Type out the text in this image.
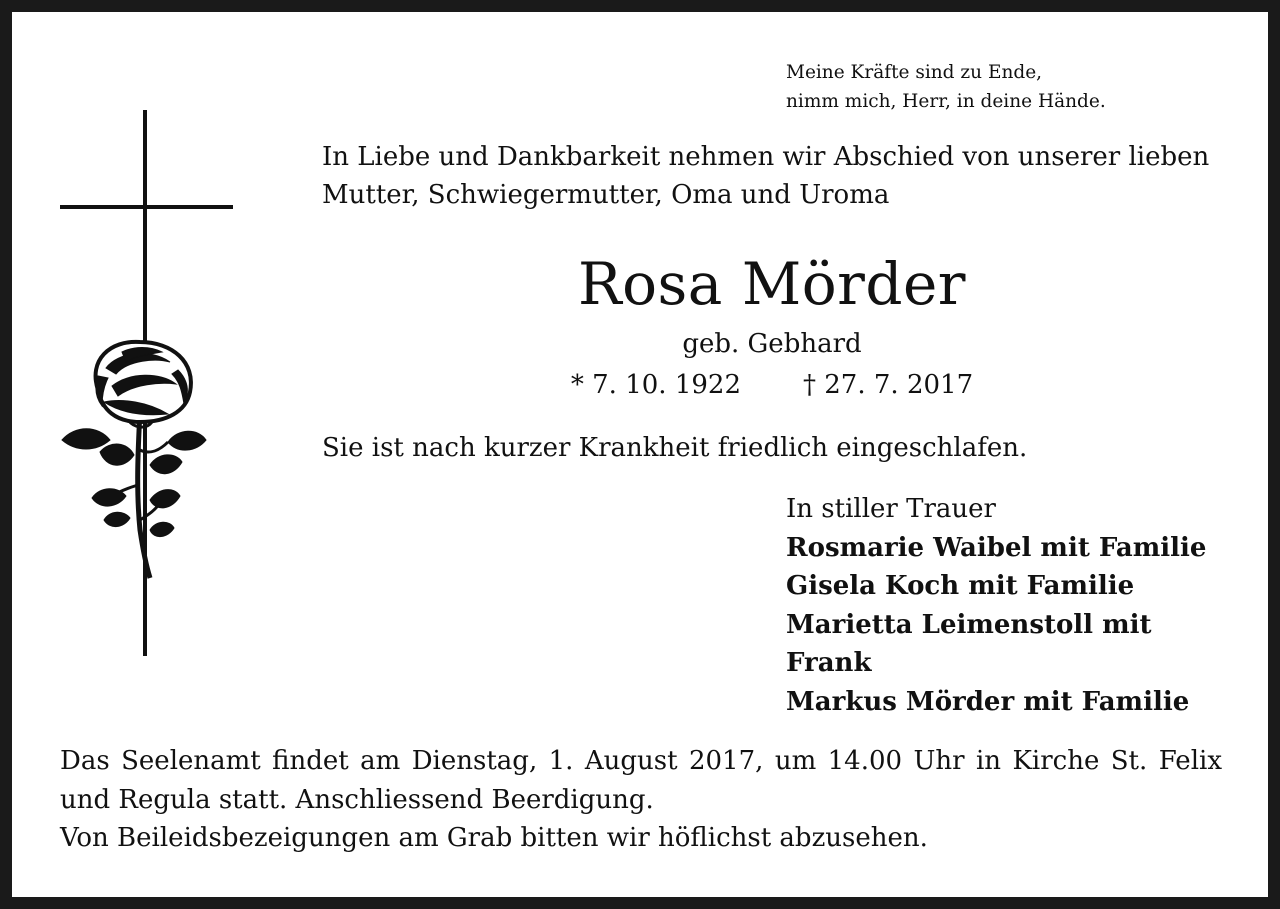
Meine Kräfte sind zu Ende,
nimm mich, Herr, in deine Hände.
In Liebe und Dankbarkeit nehmen wir Abschied von unserer lieben
Mutter, Schwiegermutter, Oma und Uroma
Rosa Mörder
geb. Gebhard
* 7. 10. 1922 † 27. 7. 2017
Sie ist nach kurzer Krankheit friedlich eingeschlafen.
In stiller Trauer
Rosmarie Waibel mit Familie
Gisela Koch mit Familie
Marietta Leimenstoll mit
Frank
Markus Mörder mit Familie
Das Seelenamt findet am Dienstag, 1. August 2017, um 14.00 Uhr in Kirche St. Felix
und Regula statt. Anschliessend Beerdigung.
Von Beileidsbezeigungen am Grab bitten wir höflichst abzusehen.
